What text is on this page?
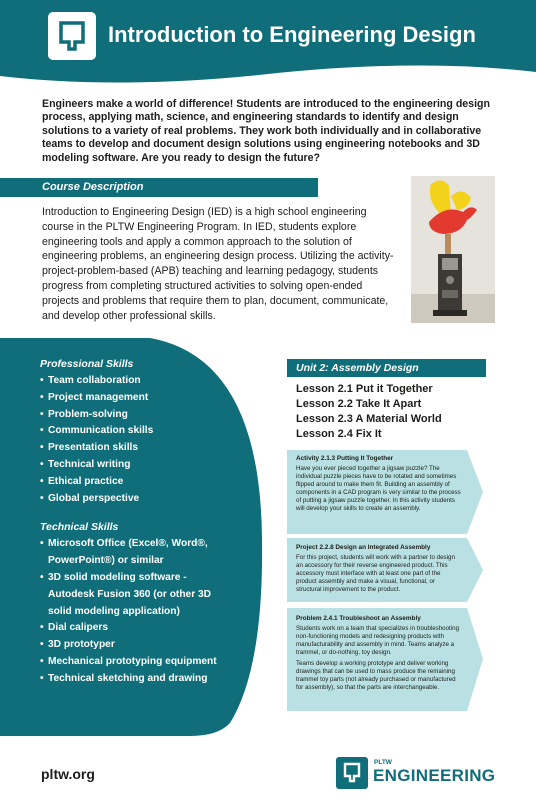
Introduction to Engineering Design
Engineers make a world of difference! Students are introduced to the engineering design process, applying math, science, and engineering standards to identify and design solutions to a variety of real problems. They work both individually and in collaborative teams to develop and document design solutions using engineering notebooks and 3D modeling software. Are you ready to design the future?
Course Description
Introduction to Engineering Design (IED) is a high school engineering course in the PLTW Engineering Program. In IED, students explore engineering tools and apply a common approach to the solution of engineering problems, an engineering design process. Utilizing the activity-project-problem-based (APB) teaching and learning pedagogy, students progress from completing structured activities to solving open-ended projects and problems that require them to plan, document, communicate, and develop other professional skills.
Professional Skills
• Team collaboration
• Project management
• Problem-solving
• Communication skills
• Presentation skills
• Technical writing
• Ethical practice
• Global perspective
Technical Skills
• Microsoft Office (Excel®, Word®, PowerPoint®) or similar
• 3D solid modeling software - Autodesk Fusion 360 (or other 3D solid modeling application)
• Dial calipers
• 3D prototyper
• Mechanical prototyping equipment
• Technical sketching and drawing
Unit 2: Assembly Design
Lesson 2.1 Put it Together
Lesson 2.2 Take It Apart
Lesson 2.3 A Material World
Lesson 2.4 Fix It
Activity 2.1.3 Putting It Together

Have you ever pieced together a jigsaw puzzle? The individual puzzle pieces have to be rotated and sometimes flipped around to make them fit. Building an assembly of components in a CAD program is very similar to the process of putting a jigsaw puzzle together. In this activity students will develop your skills to create an assembly.

Project 2.2.8 Design an Integrated Assembly

For this project, students will work with a partner to design an accessory for their reverse engineered product. This accessory must interface with at least one part of the product assembly and make a visual, functional, or structural improvement to the product.

Problem 2.4.1 Troubleshoot an Assembly

Students work on a team that specializes in troubleshooting non-functioning models and redesigning products with manufacturability and assembly in mind. Teams analyze a trammel, or do-nothing, toy design.

Teams develop a working prototype and deliver working drawings that can be used to mass produce the remaining trammel toy parts (not already purchased or manufactured for assembly), so that the parts are interchangeable.

pltw.org
PLTW
ENGINEERING
